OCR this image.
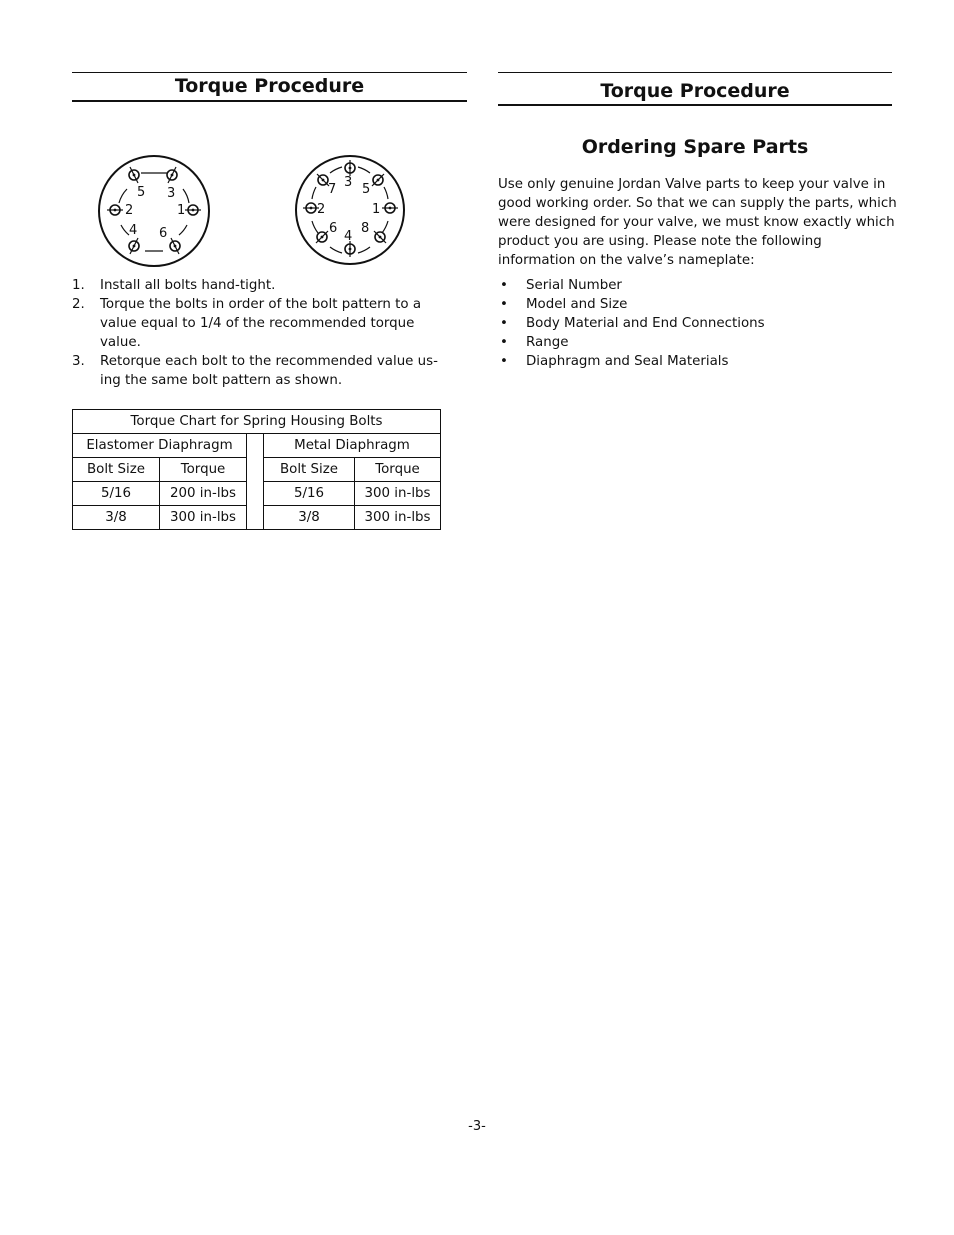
Torque Procedure
5 3
2	1
4 6
3
7 5
2	1
6 8
4
1. Install all bolts hand-tight.
2. Torque the bolts in order of the bolt pattern to a value equal to 1/4 of the recommended torque value.
3. Retorque each bolt to the recommended value us-ing the same bolt pattern as shown.
Torque Chart for Spring Housing Bolts				
Elastomer Diaphragm			Metal Diaphragm	
Bolt Size	Torque		Bolt Size	Torque
5/16	200 in-lbs		5/16	300 in-lbs
3/8	300 in-lbs		3/8	300 in-lbs
Torque Procedure
Ordering Spare Parts

Use only genuine Jordan Valve parts to keep your valve in good working order. So that we can supply the parts, which were designed for your valve, we must know exactly which product you are using. Please note the following information on the valve’s nameplate:

• Serial Number
• Model and Size
• Body Material and End Connections
• Range
• Diaphragm and Seal Materials
-3-
